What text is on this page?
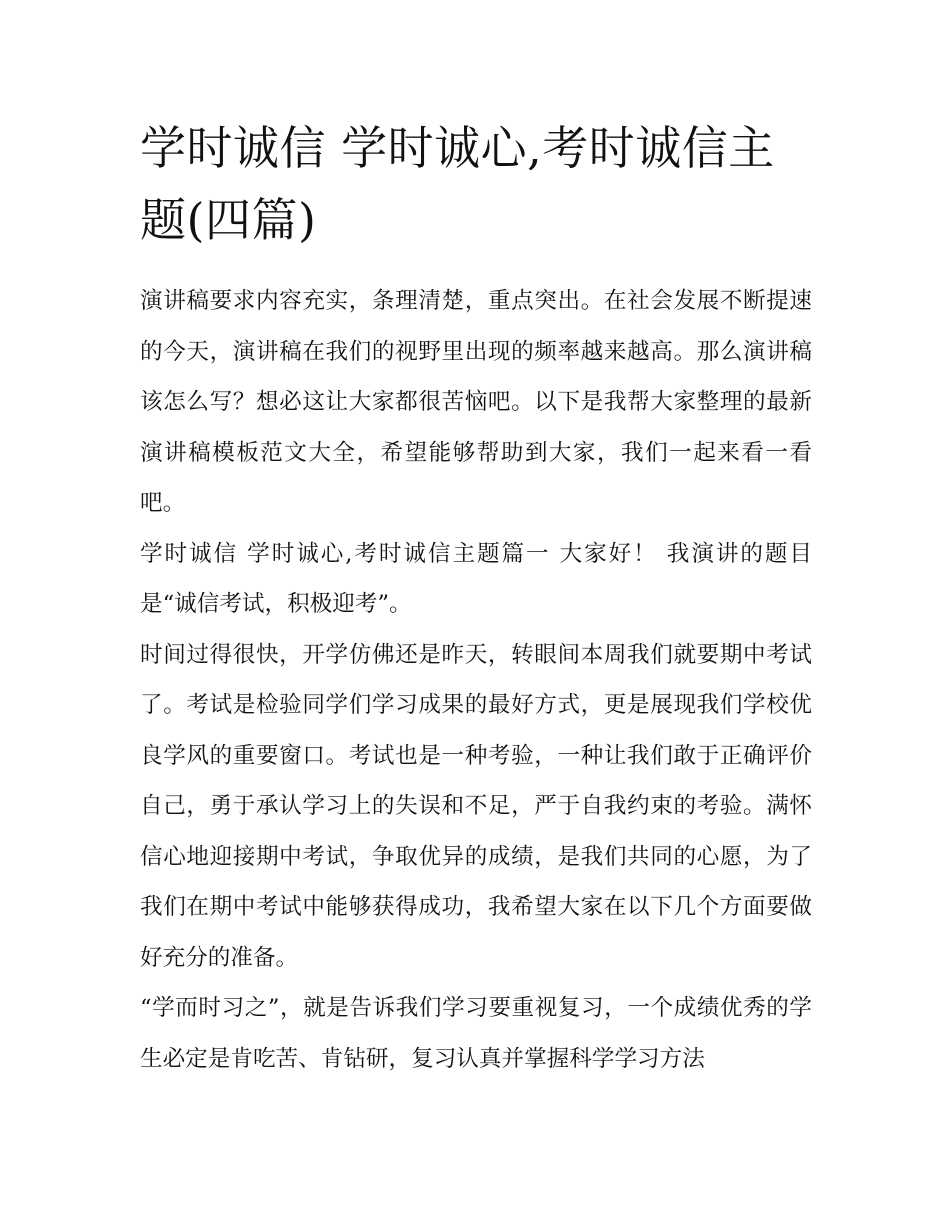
学时诚信 学时诚心,考时诚信主题(四篇)

演讲稿要求内容充实，条理清楚，重点突出。在社会发展不断提速的今天，演讲稿在我们的视野里出现的频率越来越高。那么演讲稿该怎么写？想必这让大家都很苦恼吧。以下是我帮大家整理的最新演讲稿模板范文大全，希望能够帮助到大家，我们一起来看一看吧。

学时诚信 学时诚心,考时诚信主题篇一 大家好！ 我演讲的题目是“诚信考试，积极迎考”。

时间过得很快，开学仿佛还是昨天，转眼间本周我们就要期中考试了。考试是检验同学们学习成果的最好方式，更是展现我们学校优良学风的重要窗口。考试也是一种考验，一种让我们敢于正确评价自己，勇于承认学习上的失误和不足，严于自我约束的考验。满怀信心地迎接期中考试，争取优异的成绩，是我们共同的心愿，为了我们在期中考试中能够获得成功，我希望大家在以下几个方面要做好充分的准备。

“学而时习之”，就是告诉我们学习要重视复习，一个成绩优秀的学生必定是肯吃苦、肯钻研，复习认真并掌握科学学习方法
